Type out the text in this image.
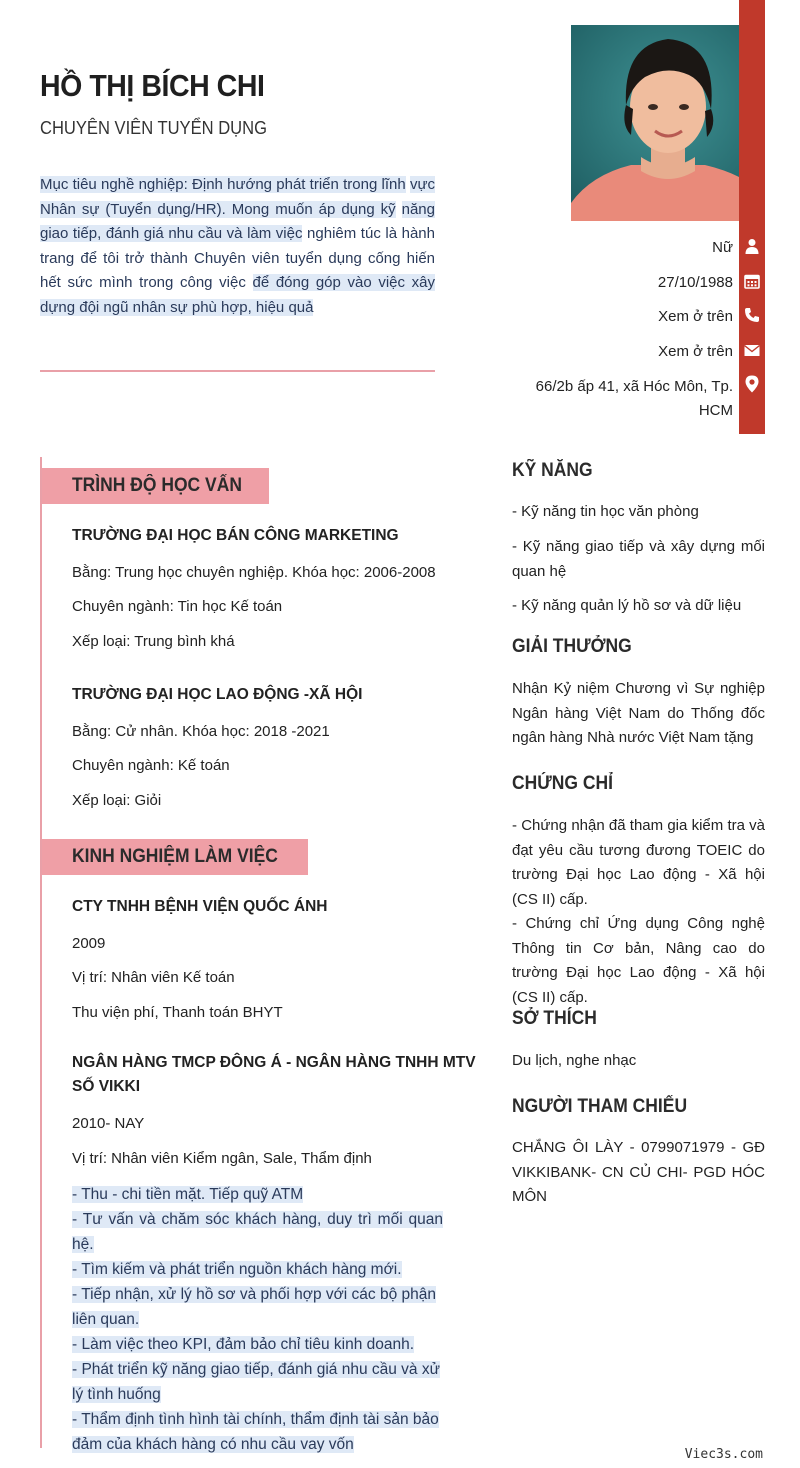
HỒ THỊ BÍCH CHI
CHUYÊN VIÊN TUYỂN DỤNG
Mục tiêu nghề nghiệp: Định hướng phát triển trong lĩnh vực Nhân sự (Tuyển dụng/HR). Mong muốn áp dụng kỹ năng giao tiếp, đánh giá nhu cầu và làm việc nghiêm túc là hành trang để tôi trở thành Chuyên viên tuyển dụng cống hiến hết sức mình trong công việc để đóng góp vào việc xây dựng đội ngũ nhân sự phù hợp, hiệu quả
Nữ
27/10/1988
Xem ở trên
Xem ở trên
66/2b ấp 41, xã Hóc Môn, Tp.
HCM
TRÌNH ĐỘ HỌC VẤN
TRƯỜNG ĐẠI HỌC BÁN CÔNG MARKETING
Bằng: Trung học chuyên nghiệp. Khóa học: 2006-2008
Chuyên ngành: Tin học Kế toán
Xếp loại: Trung bình khá
TRƯỜNG ĐẠI HỌC LAO ĐỘNG -XÃ HỘI
Bằng: Cử nhân. Khóa học: 2018 -2021
Chuyên ngành: Kế toán
Xếp loại: Giỏi
KINH NGHIỆM LÀM VIỆC
CTY TNHH BỆNH VIỆN QUỐC ÁNH
2009
Vị trí: Nhân viên Kế toán
Thu viện phí, Thanh toán BHYT
NGÂN HÀNG TMCP ĐÔNG Á - NGÂN HÀNG TNHH MTV
SỐ VIKKI
2010- NAY
Vị trí: Nhân viên Kiểm ngân, Sale, Thẩm định
- Thu - chi tiền mặt. Tiếp quỹ ATM
- Tư vấn và chăm sóc khách hàng, duy trì mối quan hệ.
- Tìm kiếm và phát triển nguồn khách hàng mới.
- Tiếp nhận, xử lý hồ sơ và phối hợp với các bộ phận
liên quan.
- Làm việc theo KPI, đảm bảo chỉ tiêu kinh doanh.
- Phát triển kỹ năng giao tiếp, đánh giá nhu cầu và xử
lý tình huống
- Thẩm định tình hình tài chính, thẩm định tài sản bảo
đảm của khách hàng có nhu cầu vay vốn
KỸ NĂNG
- Kỹ năng tin học văn phòng
- Kỹ năng giao tiếp và xây dựng mối quan hệ
- Kỹ năng quản lý hồ sơ và dữ liệu
GIẢI THƯỞNG
Nhận Kỷ niệm Chương vì Sự nghiệp Ngân hàng Việt Nam do Thống đốc ngân hàng Nhà nước Việt Nam tặng
CHỨNG CHỈ
- Chứng nhận đã tham gia kiểm tra và đạt yêu cầu tương đương TOEIC do trường Đại học Lao động - Xã hội (CS II) cấp.
- Chứng chỉ Ứng dụng Công nghệ Thông tin Cơ bản, Nâng cao do trường Đại học Lao động - Xã hội (CS II) cấp.
SỞ THÍCH
Du lịch, nghe nhạc
NGƯỜI THAM CHIẾU
CHẮNG ÔI LÀY - 0799071979 - GĐ VIKKIBANK- CN CỦ CHI- PGD HÓC MÔN
Viec3s.com
